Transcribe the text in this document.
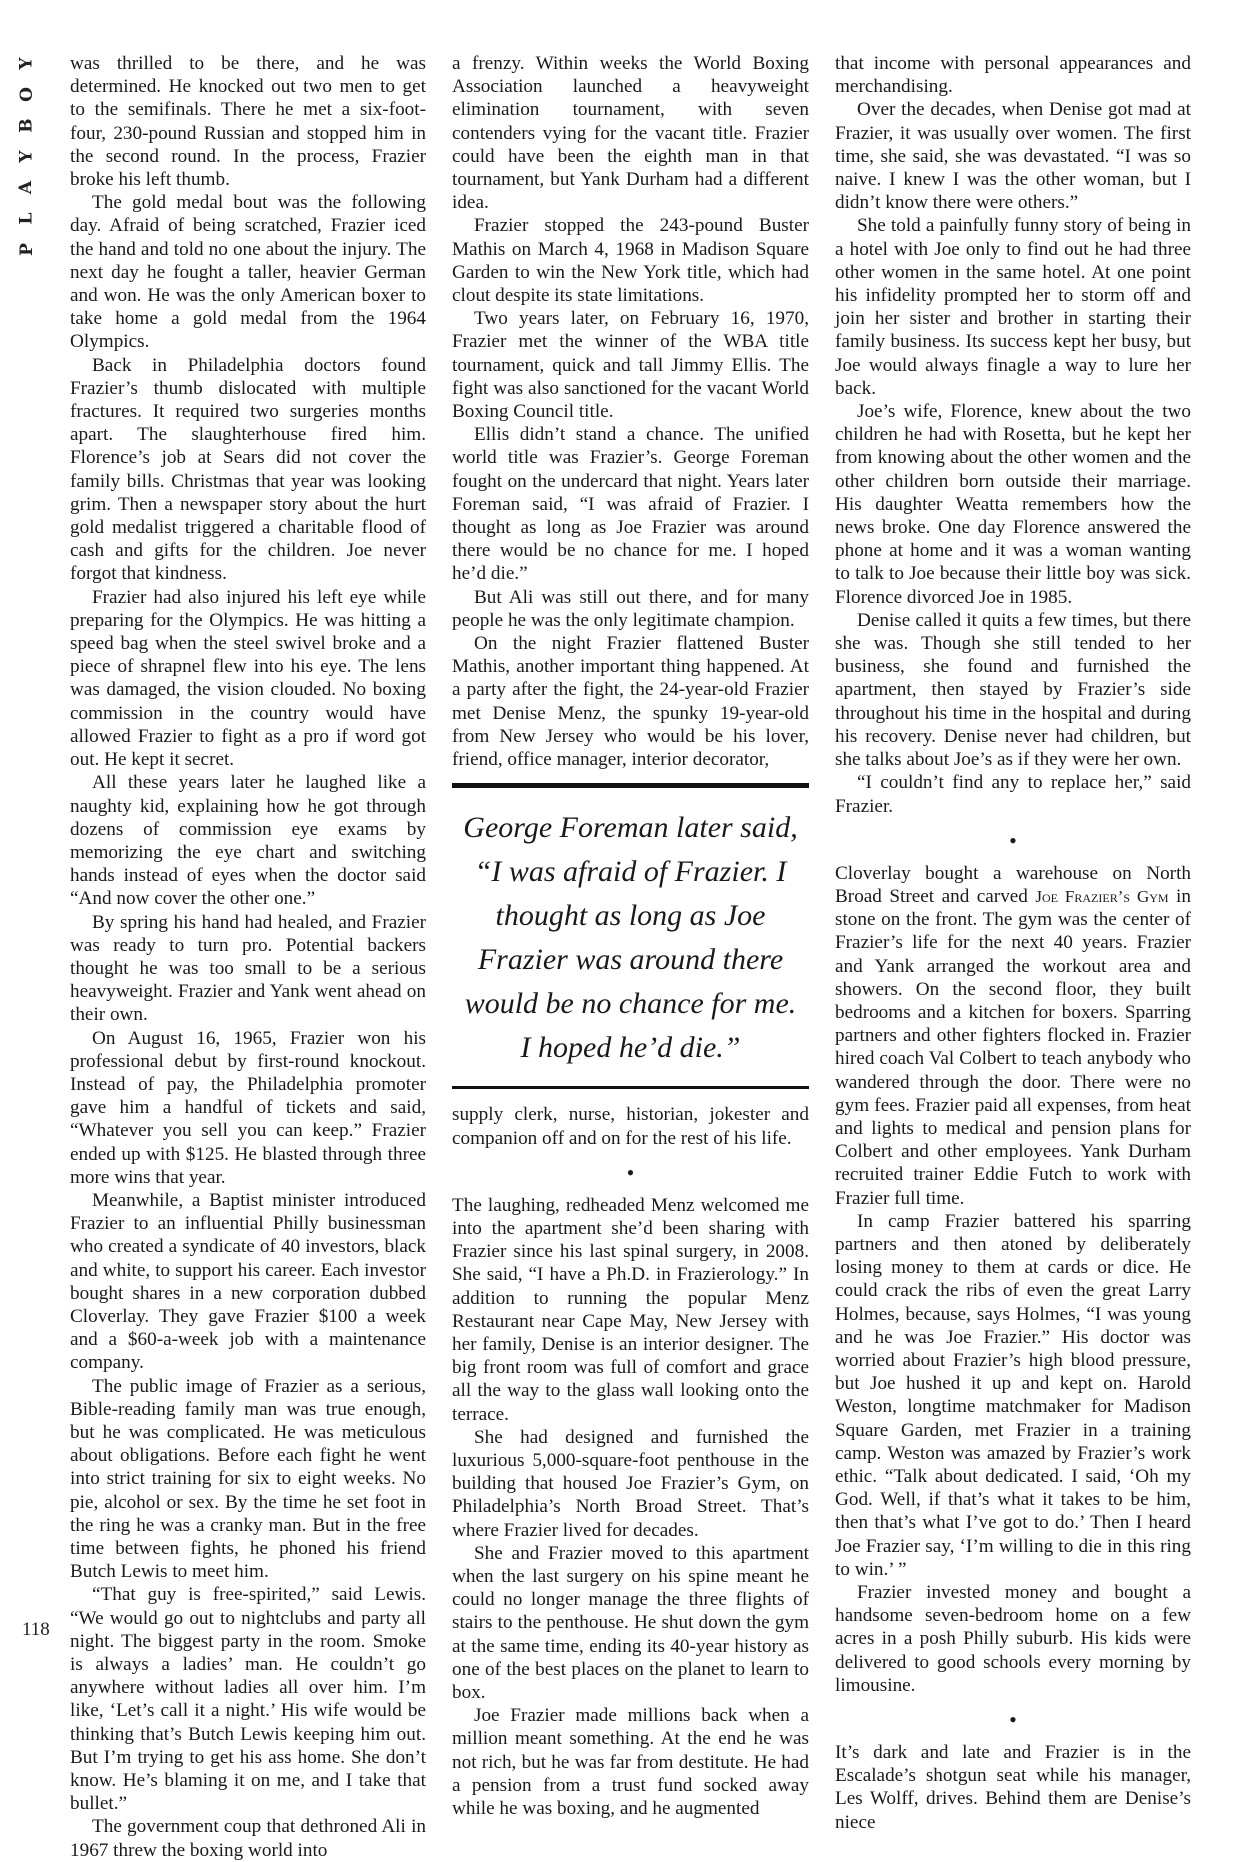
Y
O
B
Y
A
L
P

was thrilled to be there, and he was determined. He knocked out two men to get to the semifinals. There he met a six-foot-four, 230-pound Russian and stopped him in the second round. In the process, Frazier broke his left thumb.

The gold medal bout was the following day. Afraid of being scratched, Frazier iced the hand and told no one about the injury. The next day he fought a taller, heavier German and won. He was the only American boxer to take home a gold medal from the 1964 Olympics.

Back in Philadelphia doctors found Frazier’s thumb dislocated with multiple fractures. It required two surgeries months apart. The slaughterhouse fired him. Florence’s job at Sears did not cover the family bills. Christmas that year was looking grim. Then a newspaper story about the hurt gold medalist triggered a charitable flood of cash and gifts for the children. Joe never forgot that kindness.

Frazier had also injured his left eye while preparing for the Olympics. He was hitting a speed bag when the steel swivel broke and a piece of shrapnel flew into his eye. The lens was damaged, the vision clouded. No boxing commission in the country would have allowed Frazier to fight as a pro if word got out. He kept it secret.

All these years later he laughed like a naughty kid, explaining how he got through dozens of commission eye exams by memorizing the eye chart and switching hands instead of eyes when the doctor said “And now cover the other one.”

By spring his hand had healed, and Frazier was ready to turn pro. Potential backers thought he was too small to be a serious heavyweight. Frazier and Yank went ahead on their own.

On August 16, 1965, Frazier won his professional debut by first-round knockout. Instead of pay, the Philadelphia promoter gave him a handful of tickets and said, “Whatever you sell you can keep.” Frazier ended up with $125. He blasted through three more wins that year.

Meanwhile, a Baptist minister introduced Frazier to an influential Philly businessman who created a syndicate of 40 investors, black and white, to support his career. Each investor bought shares in a new corporation dubbed Cloverlay. They gave Frazier $100 a week and a $60-a-week job with a maintenance company.

The public image of Frazier as a serious, Bible-reading family man was true enough, but he was complicated. He was meticulous about obligations. Before each fight he went into strict training for six to eight weeks. No pie, alcohol or sex. By the time he set foot in the ring he was a cranky man. But in the free time between fights, he phoned his friend Butch Lewis to meet him.

“That guy is free-spirited,” said Lewis. “We would go out to nightclubs and party all night. The biggest party in the room. Smoke is always a ladies’ man. He couldn’t go anywhere without ladies all over him. I’m like, ‘Let’s call it a night.’ His wife would be thinking that’s Butch Lewis keeping him out. But I’m trying to get his ass home. She don’t know. He’s blaming it on me, and I take that bullet.”

The government coup that dethroned Ali in 1967 threw the boxing world into

a frenzy. Within weeks the World Boxing Association launched a heavyweight elimination tournament, with seven contenders vying for the vacant title. Frazier could have been the eighth man in that tournament, but Yank Durham had a different idea.

Frazier stopped the 243-pound Buster Mathis on March 4, 1968 in Madison Square Garden to win the New York title, which had clout despite its state limitations.

Two years later, on February 16, 1970, Frazier met the winner of the WBA title tournament, quick and tall Jimmy Ellis. The fight was also sanctioned for the vacant World Boxing Council title.

Ellis didn’t stand a chance. The unified world title was Frazier’s. George Foreman fought on the undercard that night. Years later Foreman said, “I was afraid of Frazier. I thought as long as Joe Frazier was around there would be no chance for me. I hoped he’d die.”

But Ali was still out there, and for many people he was the only legitimate champion.

On the night Frazier flattened Buster Mathis, another important thing happened. At a party after the fight, the 24-year-old Frazier met Denise Menz, the spunky 19-year-old from New Jersey who would be his lover, friend, office manager, interior decorator,

George Foreman later said, “I was afraid of Frazier. I thought as long as Joe Frazier was around there would be no chance for me. I hoped he’d die.”

supply clerk, nurse, historian, jokester and companion off and on for the rest of his life.

•

The laughing, redheaded Menz welcomed me into the apartment she’d been sharing with Frazier since his last spinal surgery, in 2008. She said, “I have a Ph.D. in Frazierology.” In addition to running the popular Menz Restaurant near Cape May, New Jersey with her family, Denise is an interior designer. The big front room was full of comfort and grace all the way to the glass wall looking onto the terrace.

She had designed and furnished the luxurious 5,000-square-foot penthouse in the building that housed Joe Frazier’s Gym, on Philadelphia’s North Broad Street. That’s where Frazier lived for decades.

She and Frazier moved to this apartment when the last surgery on his spine meant he could no longer manage the three flights of stairs to the penthouse. He shut down the gym at the same time, ending its 40-year history as one of the best places on the planet to learn to box.

Joe Frazier made millions back when a million meant something. At the end he was not rich, but he was far from destitute. He had a pension from a trust fund socked away while he was boxing, and he augmented

that income with personal appearances and merchandising.

Over the decades, when Denise got mad at Frazier, it was usually over women. The first time, she said, she was devastated. “I was so naive. I knew I was the other woman, but I didn’t know there were others.”

She told a painfully funny story of being in a hotel with Joe only to find out he had three other women in the same hotel. At one point his infidelity prompted her to storm off and join her sister and brother in starting their family business. Its success kept her busy, but Joe would always finagle a way to lure her back.

Joe’s wife, Florence, knew about the two children he had with Rosetta, but he kept her from knowing about the other women and the other children born outside their marriage. His daughter Weatta remembers how the news broke. One day Florence answered the phone at home and it was a woman wanting to talk to Joe because their little boy was sick. Florence divorced Joe in 1985.

Denise called it quits a few times, but there she was. Though she still tended to her business, she found and furnished the apartment, then stayed by Frazier’s side throughout his time in the hospital and during his recovery. Denise never had children, but she talks about Joe’s as if they were her own.

“I couldn’t find any to replace her,” said Frazier.

•

Cloverlay bought a warehouse on North Broad Street and carved Joe Frazier’s Gym in stone on the front. The gym was the center of Frazier’s life for the next 40 years. Frazier and Yank arranged the workout area and showers. On the second floor, they built bedrooms and a kitchen for boxers. Sparring partners and other fighters flocked in. Frazier hired coach Val Colbert to teach anybody who wandered through the door. There were no gym fees. Frazier paid all expenses, from heat and lights to medical and pension plans for Colbert and other employees. Yank Durham recruited trainer Eddie Futch to work with Frazier full time.

In camp Frazier battered his sparring partners and then atoned by deliberately losing money to them at cards or dice. He could crack the ribs of even the great Larry Holmes, because, says Holmes, “I was young and he was Joe Frazier.” His doctor was worried about Frazier’s high blood pressure, but Joe hushed it up and kept on. Harold Weston, longtime matchmaker for Madison Square Garden, met Frazier in a training camp. Weston was amazed by Frazier’s work ethic. “Talk about dedicated. I said, ‘Oh my God. Well, if that’s what it takes to be him, then that’s what I’ve got to do.’ Then I heard Joe Frazier say, ‘I’m willing to die in this ring to win.’ ”

Frazier invested money and bought a handsome seven-bedroom home on a few acres in a posh Philly suburb. His kids were delivered to good schools every morning by limousine.

•

It’s dark and late and Frazier is in the Escalade’s shotgun seat while his manager, Les Wolff, drives. Behind them are Denise’s niece

118
